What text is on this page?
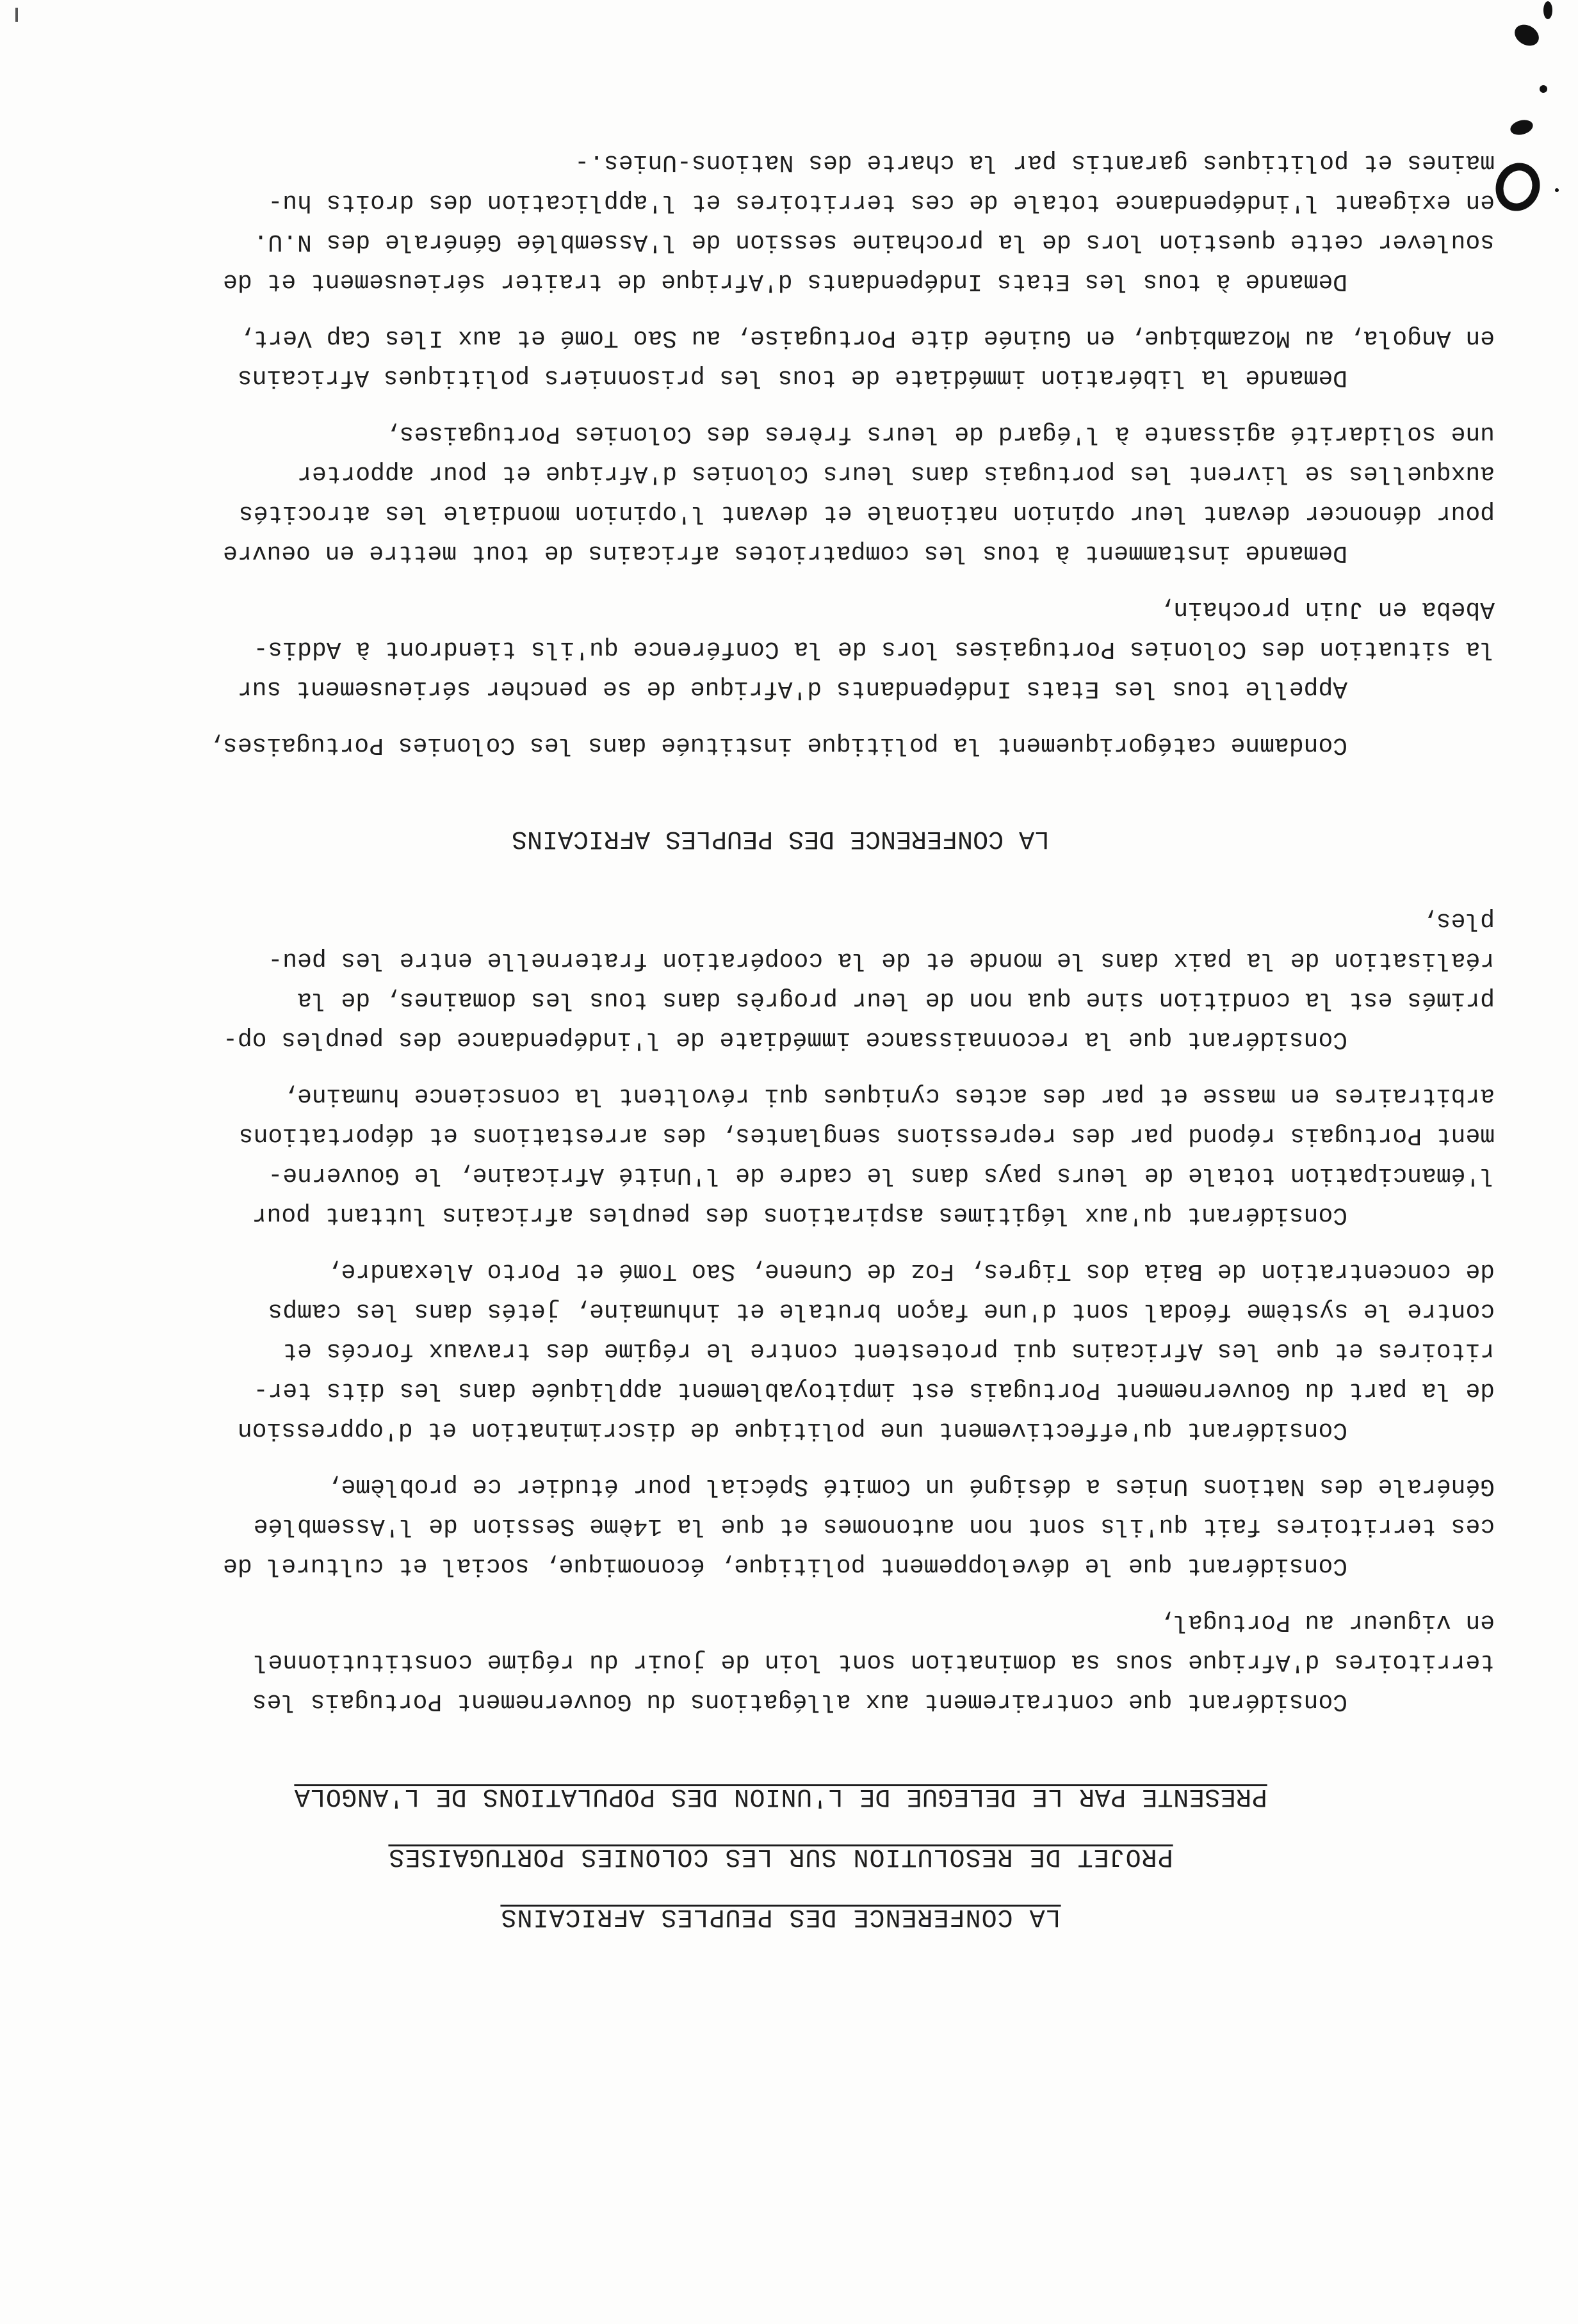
LA CONFERENCE DES PEUPLES AFRICAINS
PROJET DE RESOLUTION SUR LES COLONIES PORTUGAISES
PRESENTE PAR LE DELEGUE DE L'UNION DES POPULATIONS DE L'ANGOLA

Considérant que contrairement aux allégations du Gouvernement Portugais les

territoires d'Afrique sous sa domination sont loin de jouir du régime constitutionnel

en vigueur au Portugal,

Considérant que le développement politique, économique, social et culturel de

ces territoires fait qu'ils sont non autonomes et que la 14ème Session de l'Assemblée

Générale des Nations Unies a désigné un Comité Spécial pour étudier ce problème,

Considérant qu'effectivement une politique de discrimination et d'oppression

de la part du Gouvernement Portugais est impitoyablement appliquée dans les dits ter-

ritoires et que les Africains qui protestent contre le régime des travaux forcés et

contre le système féodal sont d'une façon brutale et inhumaine, jetés dans les camps

de concentration de Baia dos Tigres, Foz de Cunene, Sao Tomé et Porto Alexandre,

Considérant qu'aux légitimes aspirations des peuples africains luttant pour

l'émancipation totale de leurs pays dans le cadre de l'Unité Africaine, le Gouverne-

ment Portugais répond par des repressions senglantes, des arrestations et déportations

arbitraires en masse et par des actes cyniques qui révoltent la conscience humaine,

Considérant que la reconnaissance immédiate de l'indépendance des peuples op-

primés est la condition sine qua non de leur progrès dans tous les domaines, de la

réalisation de la paix dans le monde et de la coopération fraternelle entre les peu-

ples,

LA CONFERENCE DES PEUPLES AFRICAINS

Condamne catégoriquement la politique instituée dans les Colonies Portugaises,

Appelle tous les Etats Indépendants d'Afrique de se pencher sérieusement sur

la situation des Colonies Portugaises lors de la Conférence qu'ils tiendront à Addis-

Abeba en Juin prochain,

Demande instamment à tous les compatriotes africains de tout mettre en oeuvre

pour dénoncer devant leur opinion nationale et devant l'opinion mondiale les atrocités

auxquelles se livrent les portugais dans leurs Colonies d'Afrique et pour apporter

une solidarité agissante à l'égard de leurs frères des Colonies Portugaises,

Demande la libération immédiate de tous les prisonniers politiques Africains

en Angola, au Mozambique, en Guinée dite Portugaise, au Sao Tomé et aux Iles Cap Vert,

Demande à tous les Etats Indépendants d'Afrique de traiter sérieusement et de

soulever cette question lors de la prochaine session de l'Assemblée Générale des N.U.

en exigeant l'indépendance totale de ces territoires et l'application des droits hu-

maines et politiques garantis par la charte des Nations-Unies.-
